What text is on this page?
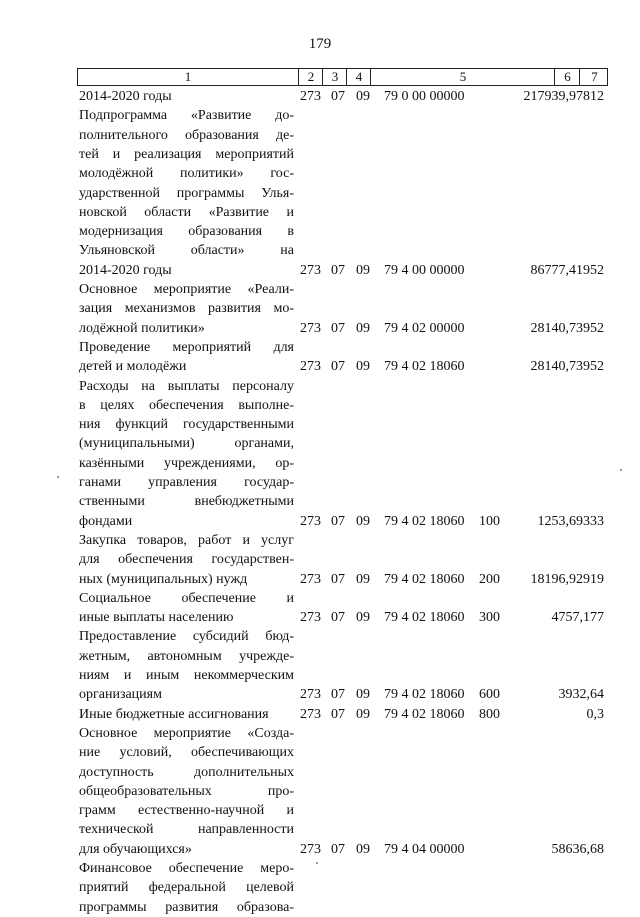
179
1	2	3	4	5	6	7
2014-2020 годы	273 07 09 79 0 00 00000	217939,97812
Подпрограмма «Развитие до-
полнительного образования де-
тей и реализация мероприятий
молодёжной политики» гос-
ударственной программы Улья-
новской области «Развитие и
модернизация образования в
Ульяновской области» на
2014-2020 годы	273 07 09 79 4 00 00000	86777,41952
Основное мероприятие «Реали-
зация механизмов развития мо-
лодёжной политики»	273 07 09 79 4 02 00000	28140,73952
Проведение мероприятий для
детей и молодёжи	273 07 09 79 4 02 18060	28140,73952
Расходы на выплаты персоналу
в целях обеспечения выполне-
ния функций государственными
(муниципальными) органами,
казёнными учреждениями, ор-
ганами управления государ-
ственными внебюджетными
фондами	273 07 09 79 4 02 18060 100	1253,69333
Закупка товаров, работ и услуг
для обеспечения государствен-
ных (муниципальных) нужд	273 07 09 79 4 02 18060 200 18196,92919
Социальное обеспечение и
иные выплаты населению	273 07 09 79 4 02 18060 300	4757,177
Предоставление субсидий бюд-
жетным, автономным учрежде-
ниям и иным некоммерческим
организациям	273 07 09 79 4 02 18060 600	3932,64
Иные бюджетные ассигнования	273 07 09 79 4 02 18060 800	0,3
Основное мероприятие «Созда-
ние условий, обеспечивающих
доступность дополнительных
общеобразовательных про-
грамм естественно-научной и
технической направленности
для обучающихся»	273 07 09 79 4 04 00000	58636,68
Финансовое обеспечение меро-
приятий федеральной целевой
программы развития образова-
